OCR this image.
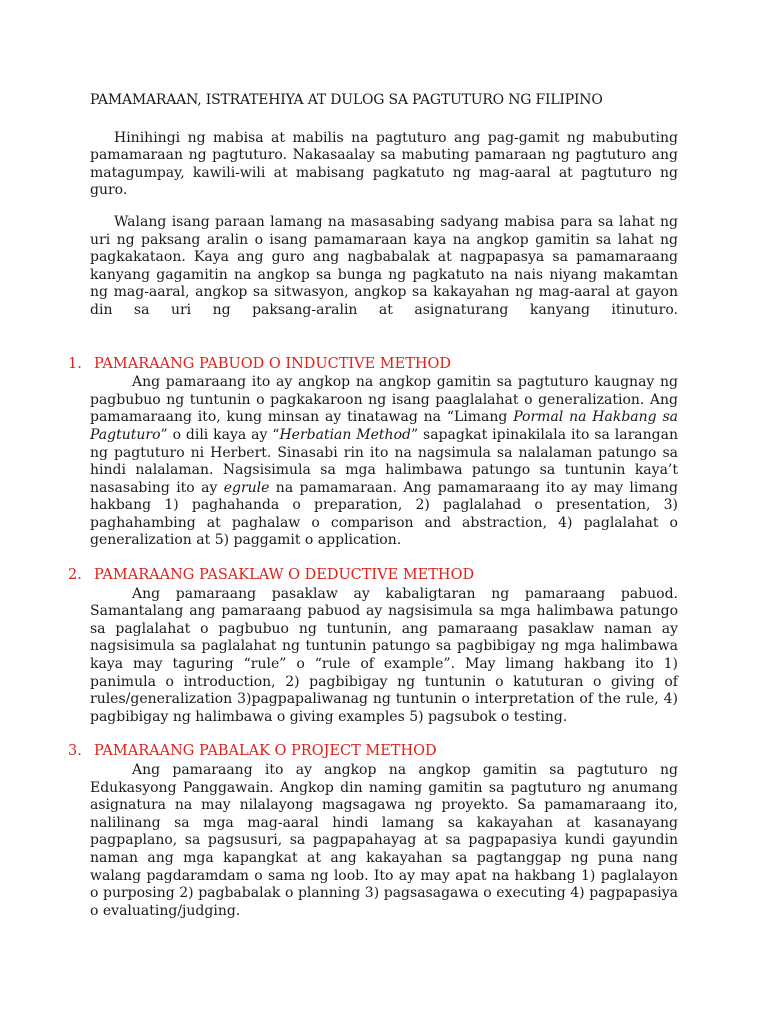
PAMAMARAAN, ISTRATEHIYA AT DULOG SA PAGTUTURO NG FILIPINO

Hinihingi ng mabisa at mabilis na pagtuturo ang pag-gamit ng mabubuting pamamaraan ng pagtuturo. Nakasaalay sa mabuting pamaraan ng pagtuturo ang matagumpay, kawili-wili at mabisang pagkatuto ng mag-aaral at pagtuturo ng guro.

Walang isang paraan lamang na masasabing sadyang mabisa para sa lahat ng uri ng paksang aralin o isang pamamaraan kaya na angkop gamitin sa lahat ng pagkakataon. Kaya ang guro ang nagbabalak at nagpapasya sa pamamaraang kanyang gagamitin na angkop sa bunga ng pagkatuto na nais niyang makamtan ng mag-aaral, angkop sa sitwasyon, angkop sa kakayahan ng mag-aaral at gayon din sa uri ng paksang-aralin at asignaturang kanyang itinuturo.

1. PAMARAANG PABUOD O INDUCTIVE METHOD

Ang pamaraang ito ay angkop na angkop gamitin sa pagtuturo kaugnay ng pagbubuo ng tuntunin o pagkakaroon ng isang paaglalahat o generalization. Ang pamamaraang ito, kung minsan ay tinatawag na “Limang Pormal na Hakbang sa Pagtuturo” o dili kaya ay “Herbatian Method” sapagkat ipinakilala ito sa larangan ng pagtuturo ni Herbert. Sinasabi rin ito na nagsimula sa nalalaman patungo sa hindi nalalaman. Nagsisimula sa mga halimbawa patungo sa tuntunin kaya’t nasasabing ito ay egrule na pamamaraan. Ang pamamaraang ito ay may limang hakbang 1) paghahanda o preparation, 2) paglalahad o presentation, 3) paghahambing at paghalaw o comparison and abstraction, 4) paglalahat o generalization at 5) paggamit o application.

2. PAMARAANG PASAKLAW O DEDUCTIVE METHOD

Ang pamaraang pasaklaw ay kabaligtaran ng pamaraang pabuod. Samantalang ang pamaraang pabuod ay nagsisimula sa mga halimbawa patungo sa paglalahat o pagbubuo ng tuntunin, ang pamaraang pasaklaw naman ay nagsisimula sa paglalahat ng tuntunin patungo sa pagbibigay ng mga halimbawa kaya may taguring “rule” o “rule of example”. May limang hakbang ito 1) panimula o introduction, 2) pagbibigay ng tuntunin o katuturan o giving of rules/generalization 3)pagpapaliwanag ng tuntunin o interpretation of the rule, 4) pagbibigay ng halimbawa o giving examples 5) pagsubok o testing.

3. PAMARAANG PABALAK O PROJECT METHOD

Ang pamaraang ito ay angkop na angkop gamitin sa pagtuturo ng Edukasyong Panggawain. Angkop din naming gamitin sa pagtuturo ng anumang asignatura na may nilalayong magsagawa ng proyekto. Sa pamamaraang ito, nalilinang sa mga mag-aaral hindi lamang sa kakayahan at kasanayang pagpaplano, sa pagsusuri, sa pagpapahayag at sa pagpapasiya kundi gayundin naman ang mga kapangkat at ang kakayahan sa pagtanggap ng puna nang walang pagdaramdam o sama ng loob. Ito ay may apat na hakbang 1) paglalayon o purposing 2) pagbabalak o planning 3) pagsasagawa o executing 4) pagpapasiya o evaluating/judging.
